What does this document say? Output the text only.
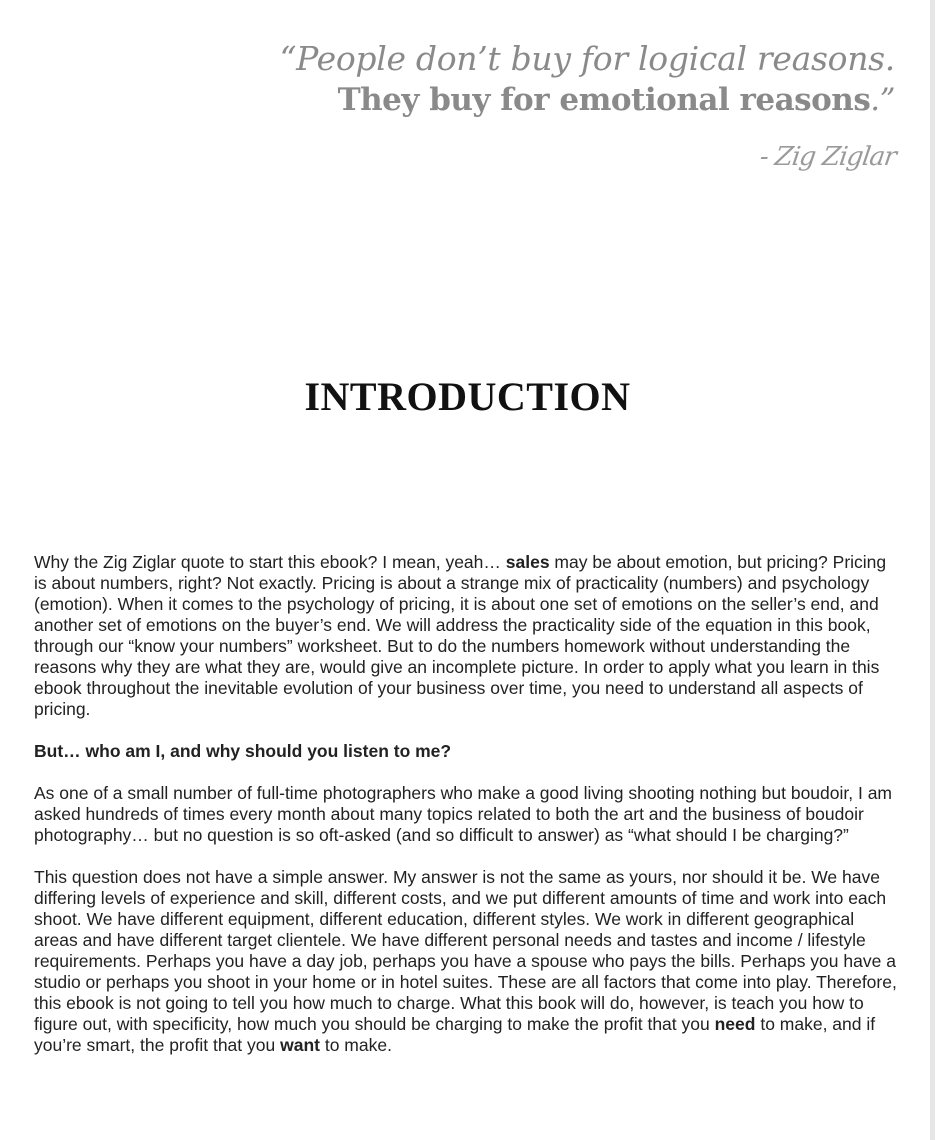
“People don’t buy for logical reasons.
They buy for emotional reasons.”
- Zig Ziglar
INTRODUCTION

Why the Zig Ziglar quote to start this ebook? I mean, yeah… sales may be about emotion, but pricing? Pricing is about numbers, right? Not exactly. Pricing is about a strange mix of practicality (numbers) and psychology (emotion). When it comes to the psychology of pricing, it is about one set of emotions on the seller’s end, and another set of emotions on the buyer’s end. We will address the practicality side of the equation in this book, through our “know your numbers” worksheet. But to do the numbers homework without understanding the reasons why they are what they are, would give an incomplete picture. In order to apply what you learn in this ebook throughout the inevitable evolution of your business over time, you need to understand all aspects of pricing.

But… who am I, and why should you listen to me?

As one of a small number of full-time photographers who make a good living shooting nothing but boudoir, I am asked hundreds of times every month about many topics related to both the art and the business of boudoir photography… but no question is so oft-asked (and so difficult to answer) as “what should I be charging?”

This question does not have a simple answer. My answer is not the same as yours, nor should it be. We have differing levels of experience and skill, different costs, and we put different amounts of time and work into each shoot. We have different equipment, different education, different styles. We work in different geographical areas and have different target clientele. We have different personal needs and tastes and income / lifestyle requirements. Perhaps you have a day job, perhaps you have a spouse who pays the bills. Perhaps you have a studio or perhaps you shoot in your home or in hotel suites. These are all factors that come into play. Therefore, this ebook is not going to tell you how much to charge. What this book will do, however, is teach you how to figure out, with specificity, how much you should be charging to make the profit that you need to make, and if you’re smart, the profit that you want to make.
